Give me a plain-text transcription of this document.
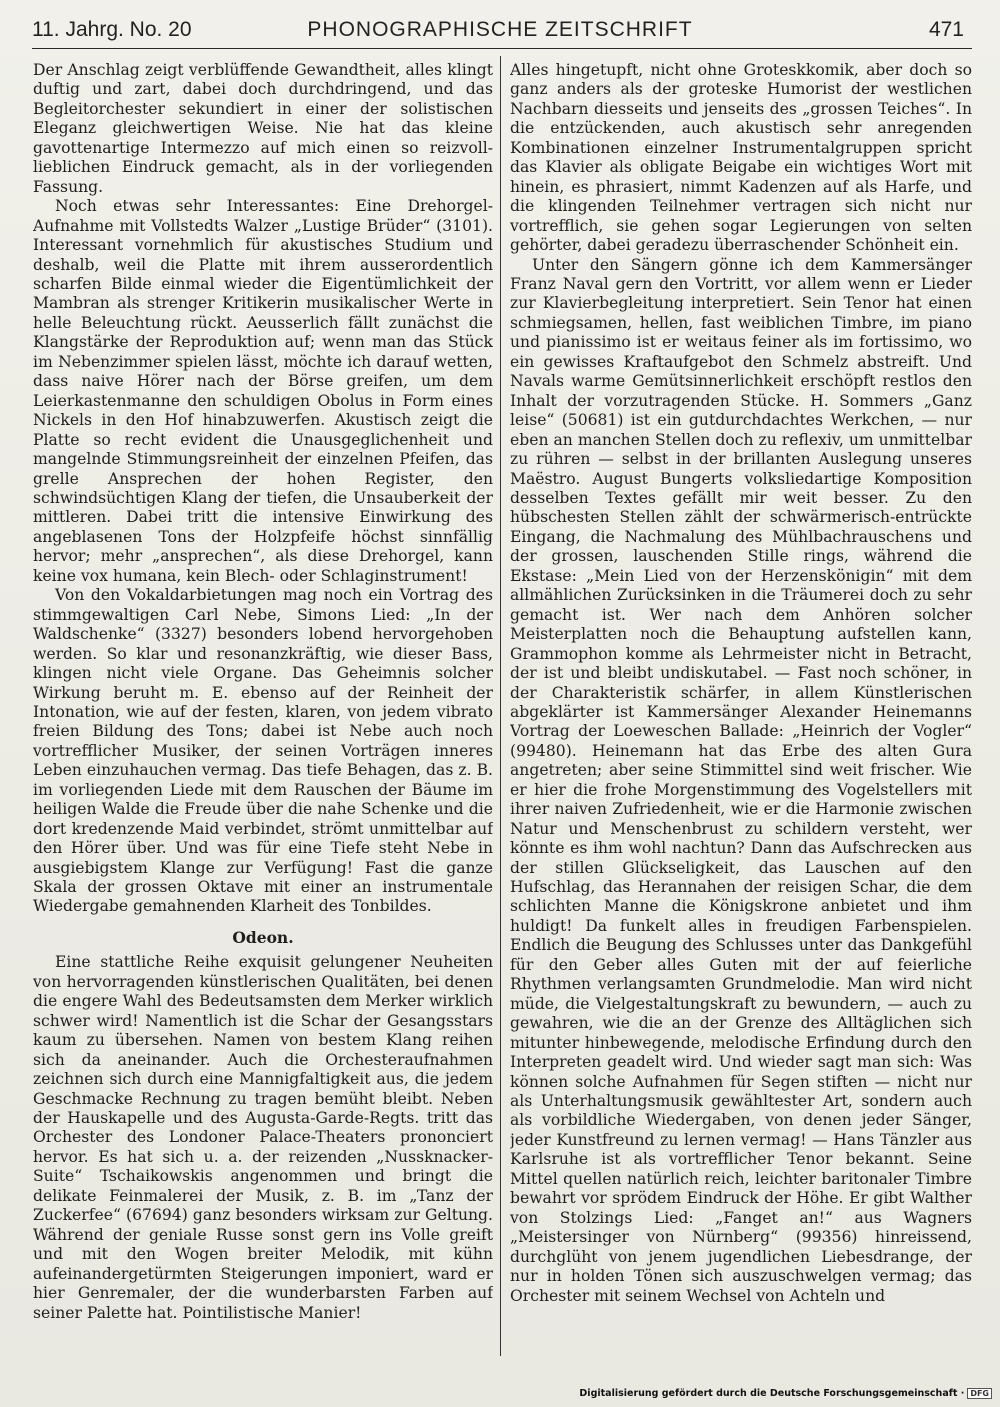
11. Jahrg. No. 20	PHONOGRAPHISCHE ZEITSCHRIFT	471

Der Anschlag zeigt verblüffende Gewandtheit, alles klingt duftig und zart, dabei doch durchdringend, und das Begleitorchester sekundiert in einer der solistischen Eleganz gleichwertigen Weise. Nie hat das kleine gavottenartige Intermezzo auf mich einen so reizvoll-lieblichen Eindruck gemacht, als in der vorliegenden Fassung.

Noch etwas sehr Interessantes: Eine Drehorgel-Aufnahme mit Vollstedts Walzer „Lustige Brüder“ (3101). Interessant vornehmlich für akustisches Studium und deshalb, weil die Platte mit ihrem ausserordentlich scharfen Bilde einmal wieder die Eigentümlichkeit der Mambran als strenger Kritikerin musikalischer Werte in helle Beleuchtung rückt. Aeusserlich fällt zunächst die Klangstärke der Reproduktion auf; wenn man das Stück im Nebenzimmer spielen lässt, möchte ich darauf wetten, dass naive Hörer nach der Börse greifen, um dem Leierkastenmanne den schuldigen Obolus in Form eines Nickels in den Hof hinabzuwerfen. Akustisch zeigt die Platte so recht evident die Unausgeglichenheit und mangelnde Stimmungsreinheit der einzelnen Pfeifen, das grelle Ansprechen der hohen Register, den schwindsüchtigen Klang der tiefen, die Unsauberkeit der mittleren. Dabei tritt die intensive Einwirkung des angeblasenen Tons der Holzpfeife höchst sinnfällig hervor; mehr „ansprechen“, als diese Drehorgel, kann keine vox humana, kein Blech- oder Schlaginstrument!

Von den Vokaldarbietungen mag noch ein Vortrag des stimmgewaltigen Carl Nebe, Simons Lied: „In der Waldschenke“ (3327) besonders lobend hervorgehoben werden. So klar und resonanzkräftig, wie dieser Bass, klingen nicht viele Organe. Das Geheimnis solcher Wirkung beruht m. E. ebenso auf der Reinheit der Intonation, wie auf der festen, klaren, von jedem vibrato freien Bildung des Tons; dabei ist Nebe auch noch vortrefflicher Musiker, der seinen Vorträgen inneres Leben einzuhauchen vermag. Das tiefe Behagen, das z. B. im vorliegenden Liede mit dem Rauschen der Bäume im heiligen Walde die Freude über die nahe Schenke und die dort kredenzende Maid verbindet, strömt unmittelbar auf den Hörer über. Und was für eine Tiefe steht Nebe in ausgiebigstem Klange zur Verfügung! Fast die ganze Skala der grossen Oktave mit einer an instrumentale Wiedergabe gemahnenden Klarheit des Tonbildes.

Odeon.

Eine stattliche Reihe exquisit gelungener Neuheiten von hervorragenden künstlerischen Qualitäten, bei denen die engere Wahl des Bedeutsamsten dem Merker wirklich schwer wird! Namentlich ist die Schar der Gesangsstars kaum zu übersehen. Namen von bestem Klang reihen sich da aneinander. Auch die Orchesteraufnahmen zeichnen sich durch eine Mannigfaltigkeit aus, die jedem Geschmacke Rechnung zu tragen bemüht bleibt. Neben der Hauskapelle und des Augusta-Garde-Regts. tritt das Orchester des Londoner Palace-Theaters prononciert hervor. Es hat sich u. a. der reizenden „Nussknacker-Suite“ Tschaikowskis angenommen und bringt die delikate Feinmalerei der Musik, z. B. im „Tanz der Zuckerfee“ (67694) ganz besonders wirksam zur Geltung. Während der geniale Russe sonst gern ins Volle greift und mit den Wogen breiter Melodik, mit kühn aufeinandergetürmten Steigerungen imponiert, ward er hier Genremaler, der die wunderbarsten Farben auf seiner Palette hat. Pointilistische Manier!

Alles hingetupft, nicht ohne Groteskkomik, aber doch so ganz anders als der groteske Humorist der westlichen Nachbarn diesseits und jenseits des „grossen Teiches“. In die entzückenden, auch akustisch sehr anregenden Kombinationen einzelner Instrumentalgruppen spricht das Klavier als obligate Beigabe ein wichtiges Wort mit hinein, es phrasiert, nimmt Kadenzen auf als Harfe, und die klingenden Teilnehmer vertragen sich nicht nur vortrefflich, sie gehen sogar Legierungen von selten gehörter, dabei geradezu überraschender Schönheit ein.

Unter den Sängern gönne ich dem Kammersänger Franz Naval gern den Vortritt, vor allem wenn er Lieder zur Klavierbegleitung interpretiert. Sein Tenor hat einen schmiegsamen, hellen, fast weiblichen Timbre, im piano und pianissimo ist er weitaus feiner als im fortissimo, wo ein gewisses Kraftaufgebot den Schmelz abstreift. Und Navals warme Gemütsinnerlichkeit erschöpft restlos den Inhalt der vorzutragenden Stücke. H. Sommers „Ganz leise“ (50681) ist ein gutdurchdachtes Werkchen, — nur eben an manchen Stellen doch zu reflexiv, um unmittelbar zu rühren — selbst in der brillanten Auslegung unseres Maëstro. August Bungerts volksliedartige Komposition desselben Textes gefällt mir weit besser. Zu den hübschesten Stellen zählt der schwärmerisch-entrückte Eingang, die Nachmalung des Mühlbachrauschens und der grossen, lauschenden Stille rings, während die Ekstase: „Mein Lied von der Herzenskönigin“ mit dem allmählichen Zurücksinken in die Träumerei doch zu sehr gemacht ist. Wer nach dem Anhören solcher Meisterplatten noch die Behauptung aufstellen kann, Grammophon komme als Lehrmeister nicht in Betracht, der ist und bleibt undiskutabel. — Fast noch schöner, in der Charakteristik schärfer, in allem Künstlerischen abgeklärter ist Kammersänger Alexander Heinemanns Vortrag der Loeweschen Ballade: „Heinrich der Vogler“ (99480). Heinemann hat das Erbe des alten Gura angetreten; aber seine Stimmittel sind weit frischer. Wie er hier die frohe Morgenstimmung des Vogelstellers mit ihrer naiven Zufriedenheit, wie er die Harmonie zwischen Natur und Menschenbrust zu schildern versteht, wer könnte es ihm wohl nachtun? Dann das Aufschrecken aus der stillen Glückseligkeit, das Lauschen auf den Hufschlag, das Herannahen der reisigen Schar, die dem schlichten Manne die Königskrone anbietet und ihm huldigt! Da funkelt alles in freudigen Farbenspielen. Endlich die Beugung des Schlusses unter das Dankgefühl für den Geber alles Guten mit der auf feierliche Rhythmen verlangsamten Grundmelodie. Man wird nicht müde, die Vielgestaltungskraft zu bewundern, — auch zu gewahren, wie die an der Grenze des Alltäglichen sich mitunter hinbewegende, melodische Erfindung durch den Interpreten geadelt wird. Und wieder sagt man sich: Was können solche Aufnahmen für Segen stiften — nicht nur als Unterhaltungsmusik gewähltester Art, sondern auch als vorbildliche Wiedergaben, von denen jeder Sänger, jeder Kunstfreund zu lernen vermag! — Hans Tänzler aus Karlsruhe ist als vortrefflicher Tenor bekannt. Seine Mittel quellen natürlich reich, leichter baritonaler Timbre bewahrt vor sprödem Eindruck der Höhe. Er gibt Walther von Stolzings Lied: „Fanget an!“ aus Wagners „Meistersinger von Nürnberg“ (99356) hinreissend, durchglüht von jenem jugendlichen Liebesdrange, der nur in holden Tönen sich auszuschwelgen vermag; das Orchester mit seinem Wechsel von Achteln und

Digitalisierung gefördert durch die Deutsche Forschungsgemeinschaft · DFG
